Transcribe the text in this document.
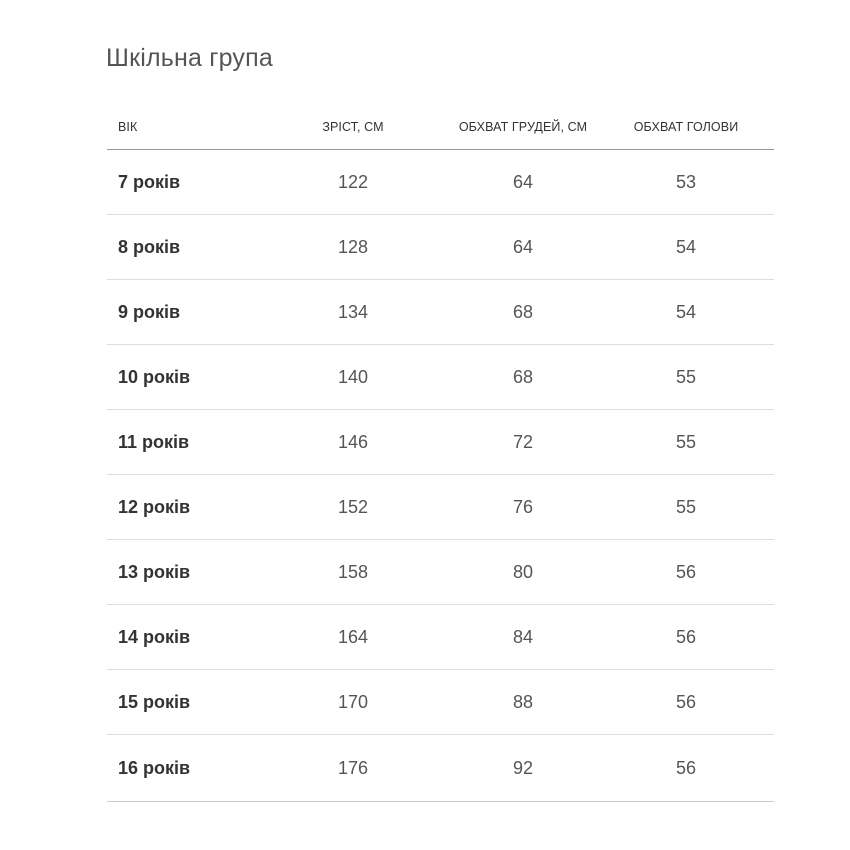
Шкільна група
ВІК	ЗРІСТ, СМ	ОБХВАТ ГРУДЕЙ, СМ	ОБХВАТ ГОЛОВИ
7 років	122	64	53
8 років	128	64	54
9 років	134	68	54
10 років	140	68	55
11 років	146	72	55
12 років	152	76	55
13 років	158	80	56
14 років	164	84	56
15 років	170	88	56
16 років	176	92	56
